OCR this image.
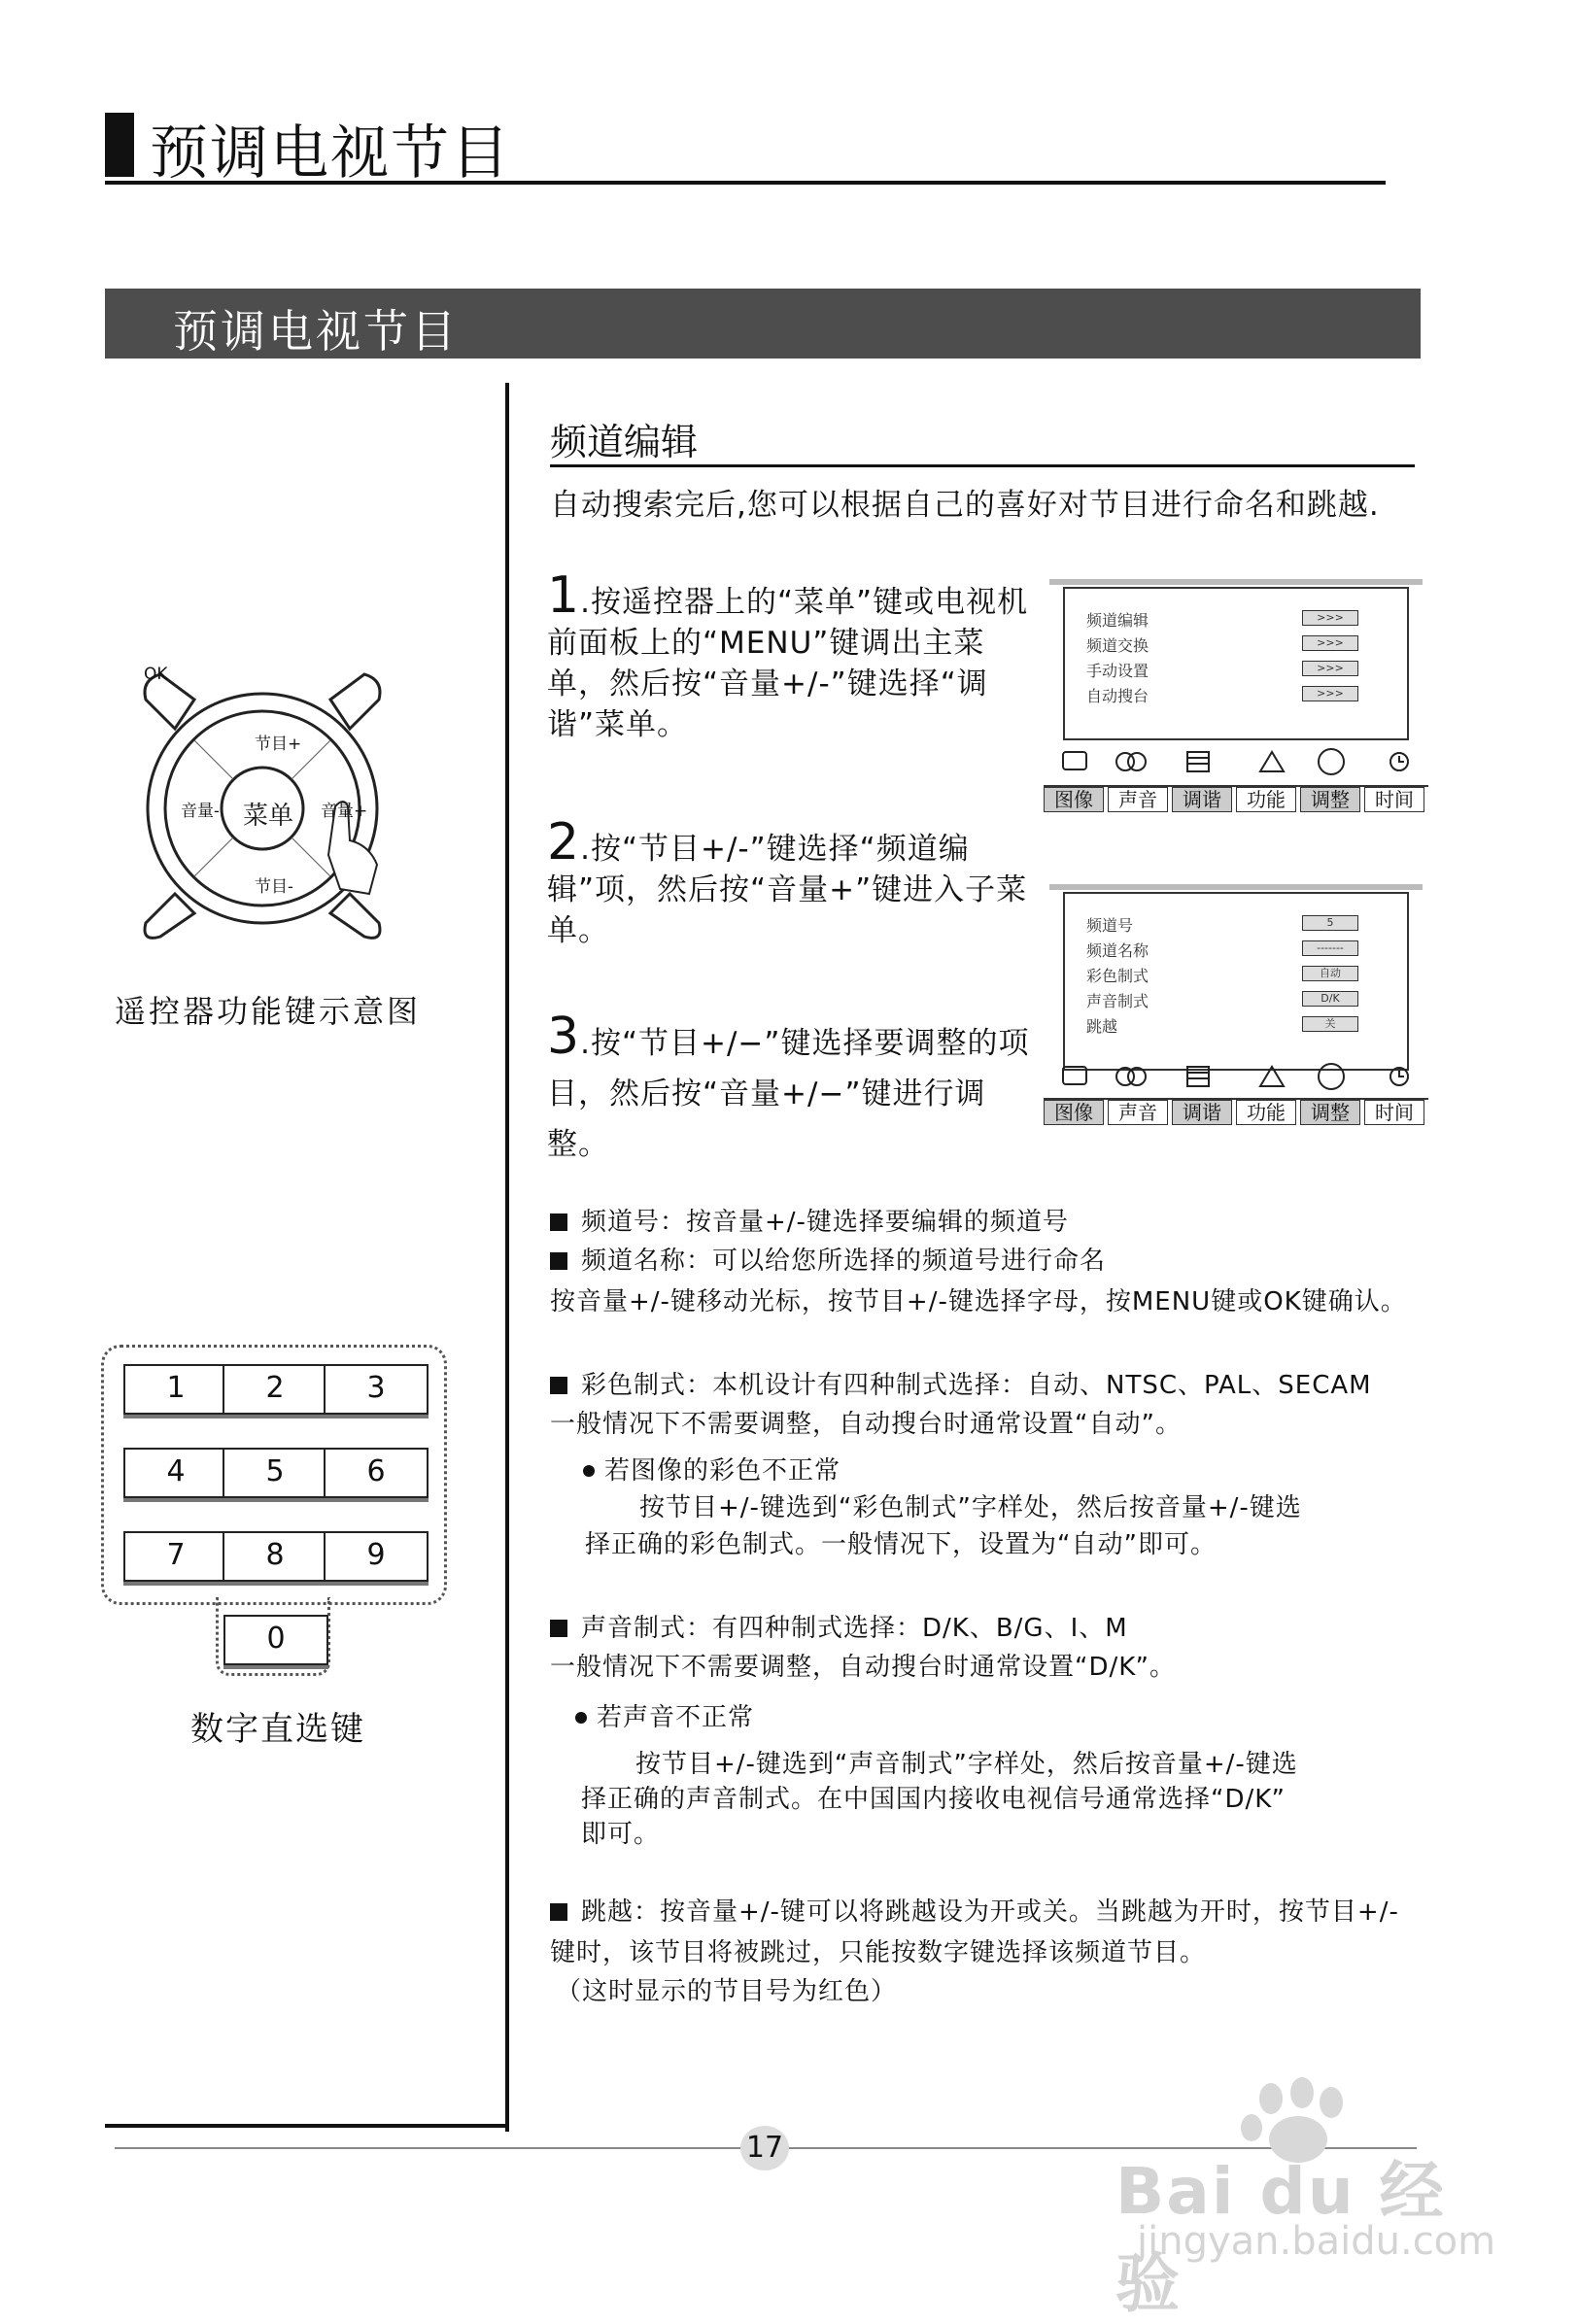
预调电视节目
预调电视节目
OK
菜单
节目+
节目-
音量-	音量+
遥控器功能键示意图
1	2	3
4	5	6
7	8	9
0
数字直选键
频道编辑
自动搜索完后,您可以根据自己的喜好对节目进行命名和跳越.
1.按遥控器上的“菜单”键或电视机前面板上的“MENU”键调出主菜单，然后按“音量+/-”键选择“调谐”菜单。
2.按“节目+/-”键选择“频道编辑”项，然后按“音量+”键进入子菜单。
3.按“节目+/−”键选择要调整的项目，然后按“音量+/−”键进行调整。
频道编辑	>>>
频道交换	>>>
手动设置	>>>
自动搜台	>>>
图像	声音	调谐	功能	调整	时间
频道号	5
频道名称	-------
彩色制式	自动
声音制式	D/K
跳越	关
图像	声音	调谐	功能	调整	时间
频道号：按音量+/-键选择要编辑的频道号
频道名称：可以给您所选择的频道号进行命名
按音量+/-键移动光标，按节目+/-键选择字母，按MENU键或OK键确认。
彩色制式：本机设计有四种制式选择：自动、NTSC、PAL、SECAM
一般情况下不需要调整，自动搜台时通常设置“自动”。
若图像的彩色不正常
按节目+/-键选到“彩色制式”字样处，然后按音量+/-键选
择正确的彩色制式。一般情况下，设置为“自动”即可。
声音制式：有四种制式选择：D/K、B/G、I、M
一般情况下不需要调整，自动搜台时通常设置“D/K”。
若声音不正常
按节目+/-键选到“声音制式”字样处，然后按音量+/-键选
择正确的声音制式。在中国国内接收电视信号通常选择“D/K”
即可。
跳越：按音量+/-键可以将跳越设为开或关。当跳越为开时，按节目+/-
键时，该节目将被跳过，只能按数字键选择该频道节目。
（这时显示的节目号为红色）
17
Bai du 经验
jingyan.baidu.com
